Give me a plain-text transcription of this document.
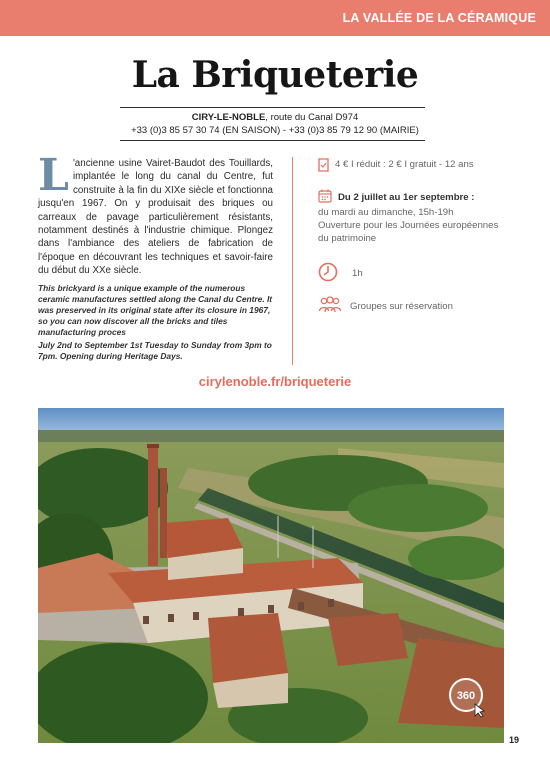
LA VALLÉE DE LA CÉRAMIQUE
La Briqueterie
CIRY-LE-NOBLE, route du Canal D974
+33 (0)3 85 57 30 74 (EN SAISON) - +33 (0)3 85 79 12 90 (MAIRIE)
L 'ancienne usine Vairet-Baudot des Touillards, implantée le long du canal du Centre, fut construite à la fin du XIXe siècle et fonctionna jusqu'en 1967. On y produisait des briques ou carreaux de pavage particulièrement résistants, notamment destinés à l'industrie chimique. Plongez dans l'ambiance des ateliers de fabrication de l'époque en découvrant les techniques et savoir-faire du début du XXe siècle.

This brickyard is a unique example of the numerous ceramic manufactures settled along the Canal du Centre. It was preserved in its original state after its closure in 1967, so you can now discover all the bricks and tiles manufacturing proces

July 2nd to September 1st Tuesday to Sunday from 3pm to 7pm. Opening during Heritage Days.

4 € I réduit : 2 € I gratuit - 12 ans
Du 2 juillet au 1er septembre :
du mardi au dimanche, 15h-19h
Ouverture pour les Journées européennes
du patrimoine
1h
Groupes sur réservation
cirylenoble.fr/briqueterie
360
19
